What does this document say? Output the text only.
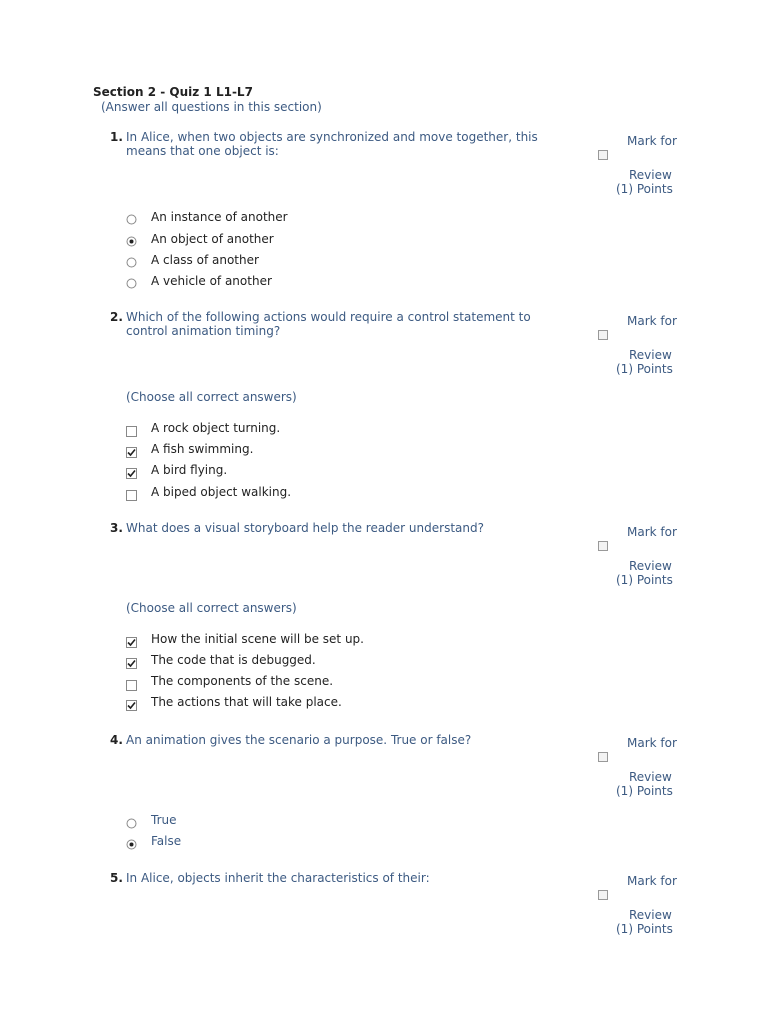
Section 2 - Quiz 1 L1-L7
(Answer all questions in this section)
1. In Alice, when two objects are synchronized and move together, this
means that one object is:
Mark for
Review
(1) Points
An instance of another
An object of another
A class of another
A vehicle of another
2. Which of the following actions would require a control statement to
control animation timing?
Mark for
Review
(1) Points
(Choose all correct answers)
A rock object turning.
A fish swimming.
A bird flying.
A biped object walking.
3. What does a visual storyboard help the reader understand?	Mark for
Review
(1) Points
(Choose all correct answers)
How the initial scene will be set up.
The code that is debugged.
The components of the scene.
The actions that will take place.
4. An animation gives the scenario a purpose. True or false?	Mark for
Review
(1) Points
True
False
5. In Alice, objects inherit the characteristics of their:	Mark for
Review
(1) Points
